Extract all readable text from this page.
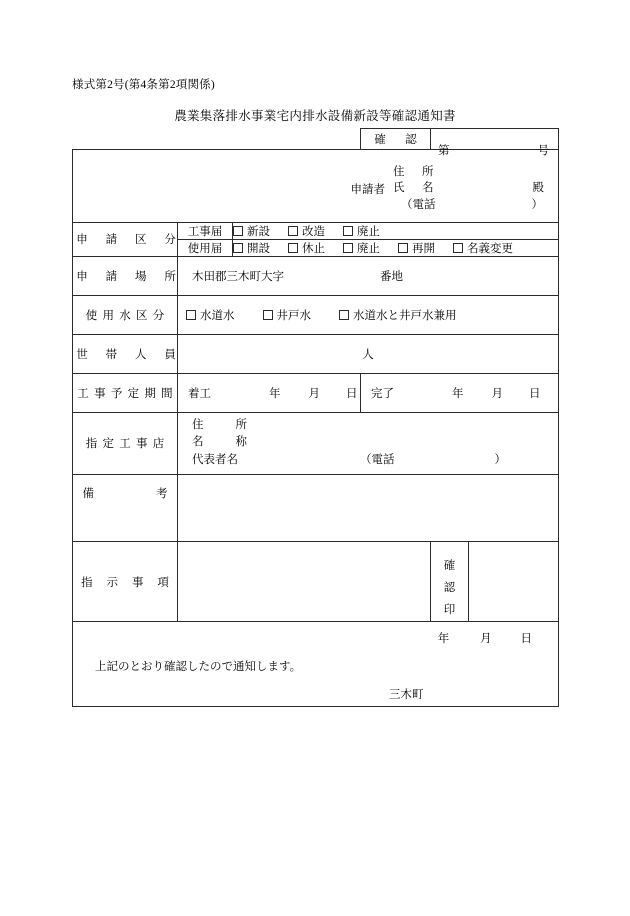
様式第2号(第4条第2項関係)
農業集落排水事業宅内排水設備新設等確認通知書
			確　認	第 号	

申請者
住　所
氏　名	殿
（電話	）

申　請　区　分	工事届	新設 改造 廃止			

	使用届	開設 休止 廃止 再開 名義変更			

申　請　場　所	木田郡三木町大字 番地				

使 用 水 区 分	水道水 井戸水 水道水と井戸水兼用				

世　帯　人　員	人				

工 事 予 定 期 間	着工 年 月 日		完了 年 月 日		

指 定 工 事 店	住　　所
名　　称
代表者名 （電話 ）				

備　　　　考					
指　示　事　項				確
認
印	

年 月 日
上記のとおり確認したので通知します。
三木町					
